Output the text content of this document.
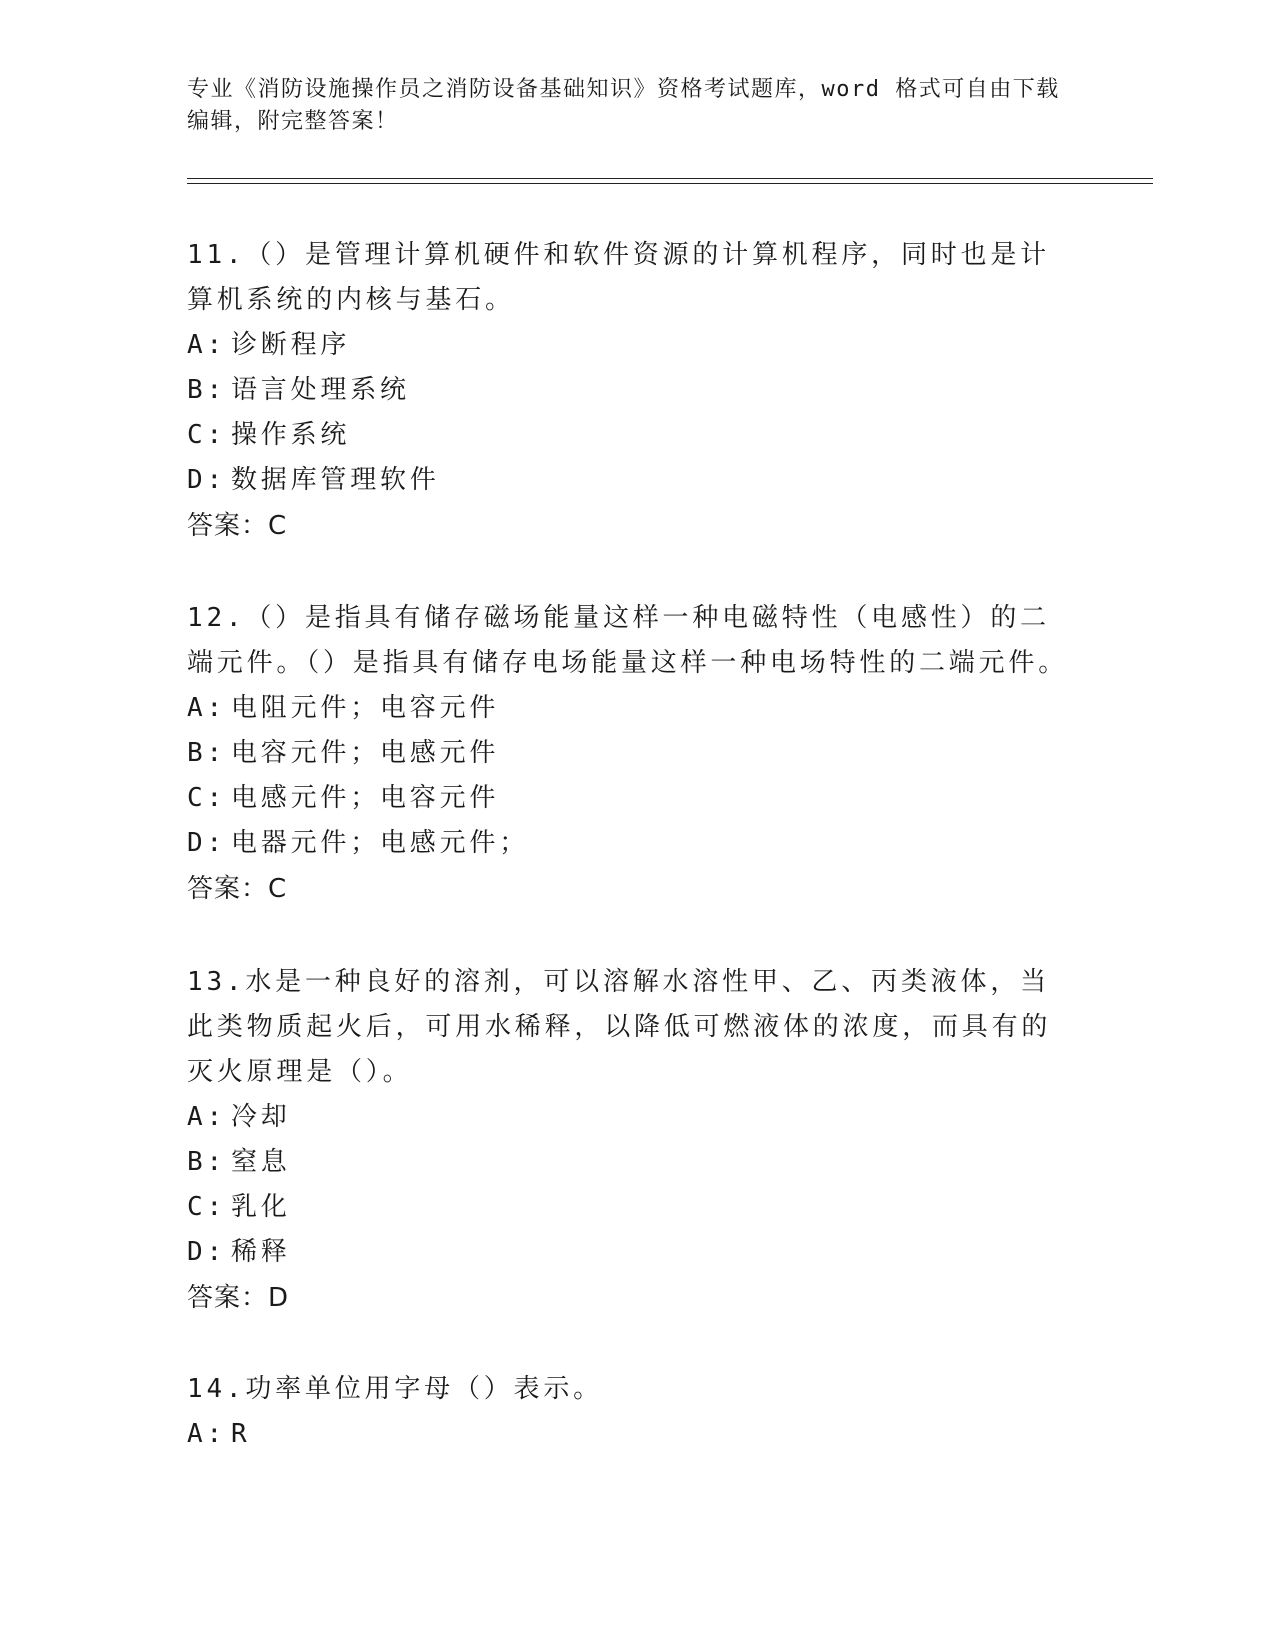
专业《消防设施操作员之消防设备基础知识》资格考试题库，word 格式可自由下载编辑，附完整答案！

11.（）是管理计算机硬件和软件资源的计算机程序，同时也是计算机系统的内核与基石。

A: 诊断程序

B: 语言处理系统

C: 操作系统

D: 数据库管理软件

答案：C

12.（）是指具有储存磁场能量这样一种电磁特性（电感性）的二端元件。（）是指具有储存电场能量这样一种电场特性的二端元件。

A: 电阻元件；电容元件

B: 电容元件；电感元件

C: 电感元件；电容元件

D: 电器元件；电感元件；

答案：C

13.水是一种良好的溶剂，可以溶解水溶性甲、乙、丙类液体，当此类物质起火后，可用水稀释，以降低可燃液体的浓度，而具有的灭火原理是（）。

A: 冷却

B: 窒息

C: 乳化

D: 稀释

答案：D

14.功率单位用字母（）表示。

A: R
